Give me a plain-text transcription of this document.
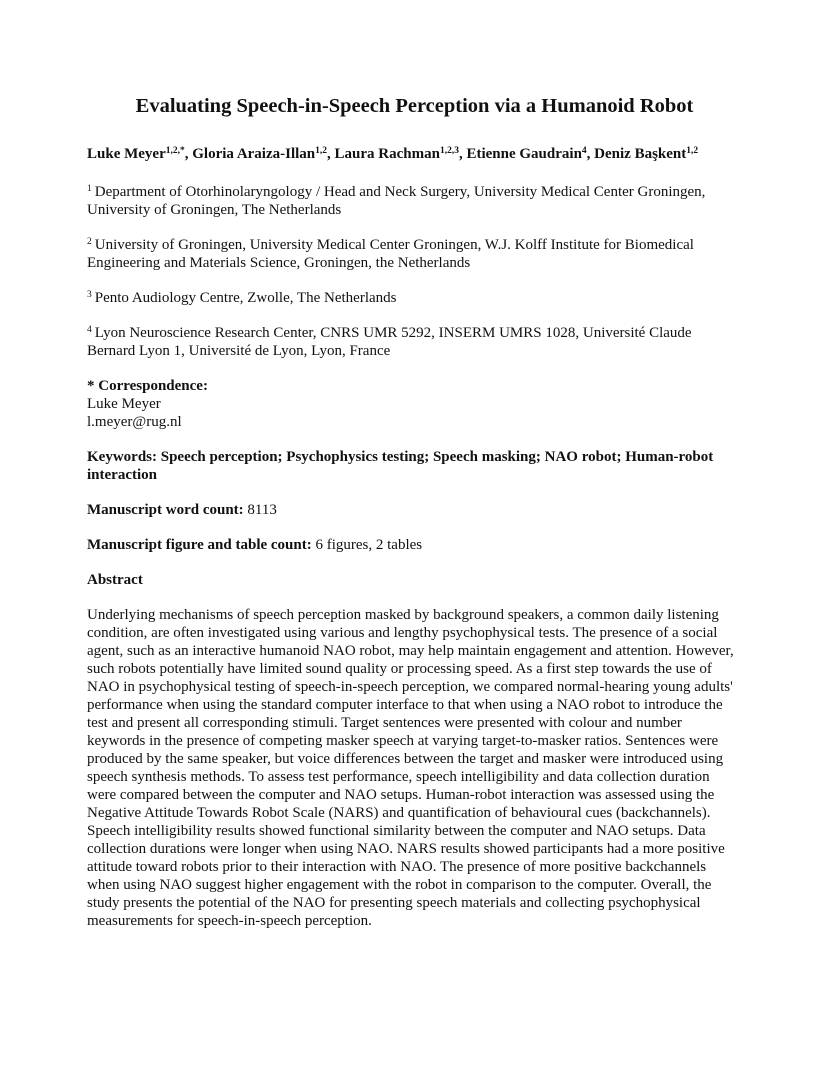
Evaluating Speech-in-Speech Perception via a Humanoid Robot

Luke Meyer$^{1,2,*}$, Gloria Araiza-Illan$^{1,2}$, Laura Rachman$^{1,2,3}$, Etienne Gaudrain$^4$, Deniz Başkent$^{1,2}$

$^1$ Department of Otorhinolaryngology / Head and Neck Surgery, University Medical Center Groningen, University of Groningen, The Netherlands

$^2$ University of Groningen, University Medical Center Groningen, W.J. Kolff Institute for Biomedical Engineering and Materials Science, Groningen, the Netherlands

$^3$ Pento Audiology Centre, Zwolle, The Netherlands

$^4$ Lyon Neuroscience Research Center, CNRS UMR 5292, INSERM UMRS 1028, Université Claude Bernard Lyon 1, Université de Lyon, Lyon, France

* Correspondence:
Luke Meyer
l.meyer@rug.nl

Keywords: Speech perception; Psychophysics testing; Speech masking; NAO robot; Human-robot interaction

Manuscript word count: 8113

Manuscript figure and table count: 6 figures, 2 tables

Abstract

Underlying mechanisms of speech perception masked by background speakers, a common daily listening condition, are often investigated using various and lengthy psychophysical tests. The presence of a social agent, such as an interactive humanoid NAO robot, may help maintain engagement and attention. However, such robots potentially have limited sound quality or processing speed. As a first step towards the use of NAO in psychophysical testing of speech-in-speech perception, we compared normal-hearing young adults' performance when using the standard computer interface to that when using a NAO robot to introduce the test and present all corresponding stimuli. Target sentences were presented with colour and number keywords in the presence of competing masker speech at varying target-to-masker ratios. Sentences were produced by the same speaker, but voice differences between the target and masker were introduced using speech synthesis methods. To assess test performance, speech intelligibility and data collection duration were compared between the computer and NAO setups. Human-robot interaction was assessed using the Negative Attitude Towards Robot Scale (NARS) and quantification of behavioural cues (backchannels). Speech intelligibility results showed functional similarity between the computer and NAO setups. Data collection durations were longer when using NAO. NARS results showed participants had a more positive attitude toward robots prior to their interaction with NAO. The presence of more positive backchannels when using NAO suggest higher engagement with the robot in comparison to the computer. Overall, the study presents the potential of the NAO for presenting speech materials and collecting psychophysical measurements for speech-in-speech perception.
